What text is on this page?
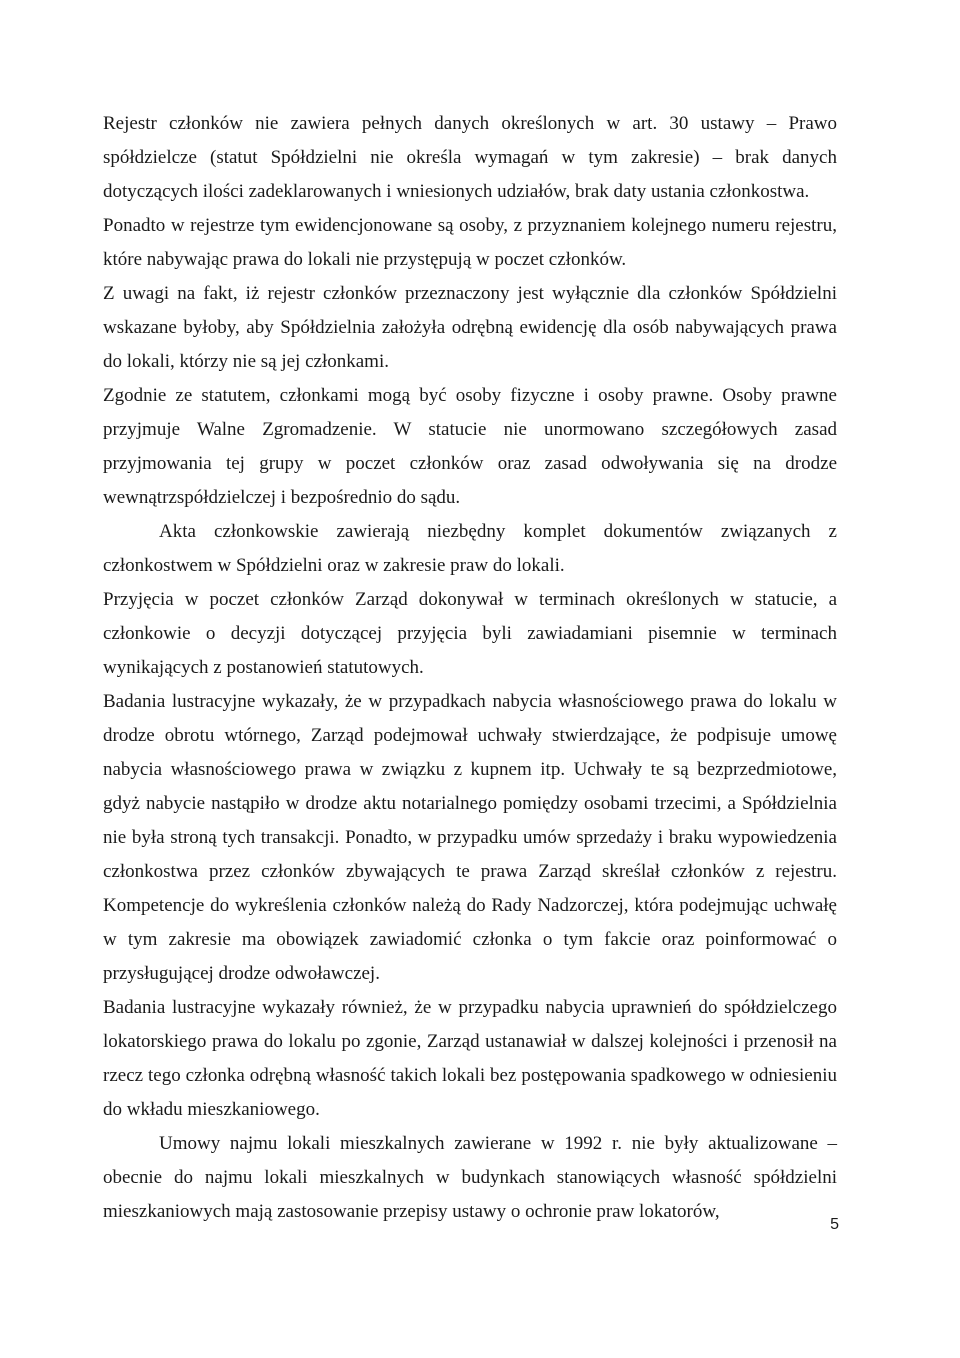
Rejestr członków nie zawiera pełnych danych określonych w art. 30 ustawy – Prawo spółdzielcze (statut Spółdzielni nie określa wymagań w tym zakresie) – brak danych dotyczących ilości zadeklarowanych i wniesionych udziałów, brak daty ustania członkostwa.

Ponadto w rejestrze tym ewidencjonowane są osoby, z przyznaniem kolejnego numeru rejestru, które nabywając prawa do lokali nie przystępują w poczet członków.

Z uwagi na fakt, iż rejestr członków przeznaczony jest wyłącznie dla członków Spółdzielni wskazane byłoby, aby Spółdzielnia założyła odrębną ewidencję dla osób nabywających prawa do lokali, którzy nie są jej członkami.

Zgodnie ze statutem, członkami mogą być osoby fizyczne i osoby prawne. Osoby prawne przyjmuje Walne Zgromadzenie. W statucie nie unormowano szczegółowych zasad przyjmowania tej grupy w poczet członków oraz zasad odwoływania się na drodze wewnątrzspółdzielczej i bezpośrednio do sądu.

Akta członkowskie zawierają niezbędny komplet dokumentów związanych z członkostwem w Spółdzielni oraz w zakresie praw do lokali.

Przyjęcia w poczet członków Zarząd dokonywał w terminach określonych w statucie, a członkowie o decyzji dotyczącej przyjęcia byli zawiadamiani pisemnie w terminach wynikających z postanowień statutowych.

Badania lustracyjne wykazały, że w przypadkach nabycia własnościowego prawa do lokalu w drodze obrotu wtórnego, Zarząd podejmował uchwały stwierdzające, że podpisuje umowę nabycia własnościowego prawa w związku z kupnem itp. Uchwały te są bezprzedmiotowe, gdyż nabycie nastąpiło w drodze aktu notarialnego pomiędzy osobami trzecimi, a Spółdzielnia nie była stroną tych transakcji. Ponadto, w przypadku umów sprzedaży i braku wypowiedzenia członkostwa przez członków zbywających te prawa Zarząd skreślał członków z rejestru. Kompetencje do wykreślenia członków należą do Rady Nadzorczej, która podejmując uchwałę w tym zakresie ma obowiązek zawiadomić członka o tym fakcie oraz poinformować o przysługującej drodze odwoławczej.

Badania lustracyjne wykazały również, że w przypadku nabycia uprawnień do spółdzielczego lokatorskiego prawa do lokalu po zgonie, Zarząd ustanawiał w dalszej kolejności i przenosił na rzecz tego członka odrębną własność takich lokali bez postępowania spadkowego w odniesieniu do wkładu mieszkaniowego.

Umowy najmu lokali mieszkalnych zawierane w 1992 r. nie były aktualizowane – obecnie do najmu lokali mieszkalnych w budynkach stanowiących własność spółdzielni mieszkaniowych mają zastosowanie przepisy ustawy o ochronie praw lokatorów,

5
